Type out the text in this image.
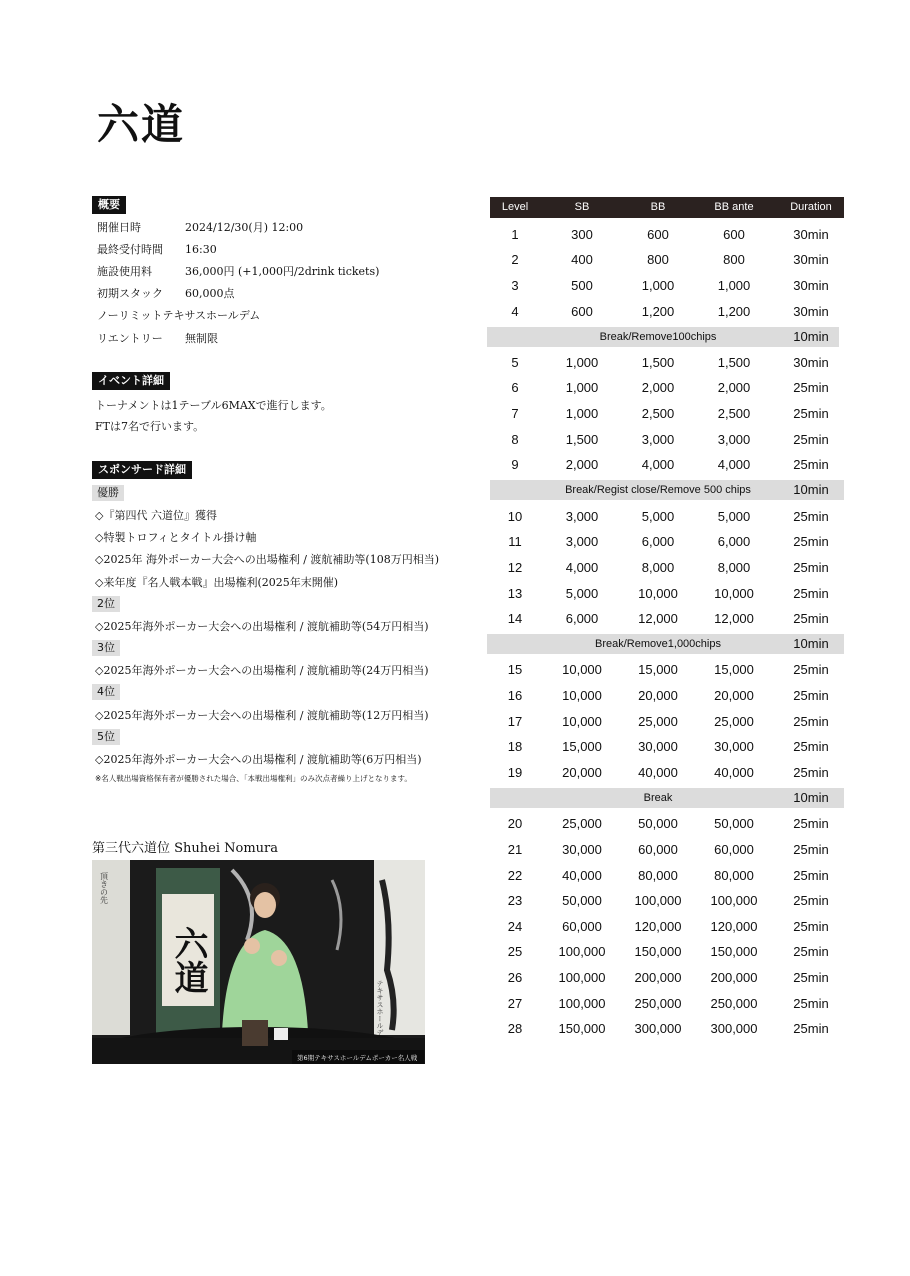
六道
概要
開催日時	2024/12/30(月) 12:00
最終受付時間 16:30
施設使用料	36,000円 (+1,000円/2drink tickets)
初期スタック 60,000点
ノーリミットテキサスホールデム
リエントリー 無制限
イベント詳細
トーナメントは1テーブル6MAXで進行します。
FTは7名で行います。
スポンサード詳細
優勝
◇『第四代 六道位』獲得
◇特製トロフィとタイトル掛け軸
◇2025年 海外ポーカー大会への出場権利 / 渡航補助等(108万円相当)
◇来年度『名人戦本戦』出場権利(2025年末開催)
2位
◇2025年海外ポーカー大会への出場権利 / 渡航補助等(54万円相当)
3位
◇2025年海外ポーカー大会への出場権利 / 渡航補助等(24万円相当)
4位
◇2025年海外ポーカー大会への出場権利 / 渡航補助等(12万円相当)
5位
◇2025年海外ポーカー大会への出場権利 / 渡航補助等(6万円相当)
※名人戦出場資格保有者が優勝された場合、「本戦出場権利」のみ次点者繰り上げとなります。
第三代六道位 Shuhei Nomura
頂きの先
六道
テキサスホールデ
第6期テキサスホールデムポーカー名人戦
Level	SB	BB	BB ante	Duration
1	300	600	600	30min
2	400	800	800	30min
3	500	1,000	1,000	30min
4	600	1,200	1,200	30min
Break/Remove100chips	10min
5	1,000	1,500	1,500	30min
6	1,000	2,000	2,000	25min
7	1,000	2,500	2,500	25min
8	1,500	3,000	3,000	25min
9	2,000	4,000	4,000	25min
Break/Regist close/Remove 500 chips	10min
10	3,000	5,000	5,000	25min
11	3,000	6,000	6,000	25min
12	4,000	8,000	8,000	25min
13	5,000	10,000	10,000	25min
14	6,000	12,000	12,000	25min
Break/Remove1,000chips	10min
15	10,000	15,000	15,000	25min
16	10,000	20,000	20,000	25min
17	10,000	25,000	25,000	25min
18	15,000	30,000	30,000	25min
19	20,000	40,000	40,000	25min
Break	10min
20	25,000	50,000	50,000	25min
21	30,000	60,000	60,000	25min
22	40,000	80,000	80,000	25min
23	50,000	100,000 100,000	25min
24	60,000	120,000 120,000	25min
25	100,000 150,000 150,000	25min
26	100,000 200,000 200,000	25min
27	100,000 250,000 250,000	25min
28	150,000 300,000 300,000	25min
